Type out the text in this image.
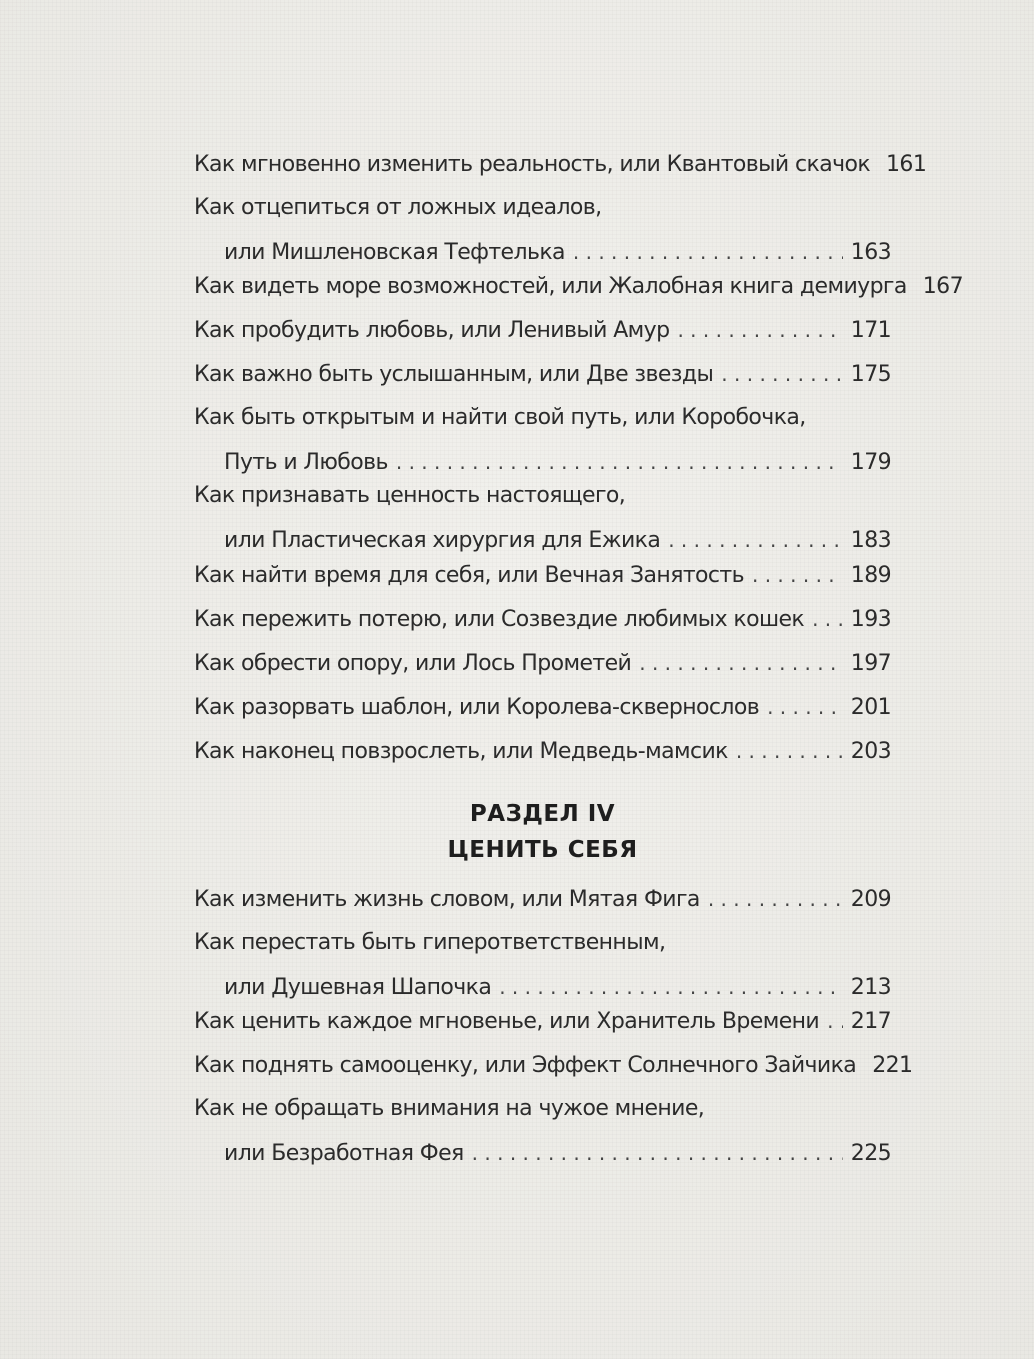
РАЗДЕЛ IV
ЦЕНИТЬ СЕБЯ
Как мгновенно изменить реальность, или Квантовый скачок 161
Как отцепиться от ложных идеалов,
или Мишленовская Тефтелька . . .	163
Как видеть море возможностей, или Жалобная книга демиурга 167
Как пробудить любовь, или Ленивый Амур . . .	171
Как важно быть услышанным, или Две звезды . . .	175
Как быть открытым и найти свой путь, или Коробочка,
Путь и Любовь . . .	179
Как признавать ценность настоящего,
или Пластическая хирургия для Ежика . . .	183
Как найти время для себя, или Вечная Занятость . . .	189
Как пережить потерю, или Созвездие любимых кошек . . . 193
Как обрести опору, или Лось Прометей . . .	197
Как разорвать шаблон, или Королева-сквернослов . . .	201
Как наконец повзрослеть, или Медведь-мамсик . . .	203
Как изменить жизнь словом, или Мятая Фига . . .	209
Как перестать быть гиперответственным,
или Душевная Шапочка . . .	213
Как ценить каждое мгновенье, или Хранитель Времени . . . 217
Как поднять самооценку, или Эффект Солнечного Зайчика 221
Как не обращать внимания на чужое мнение,
или Безработная Фея . . .	225
